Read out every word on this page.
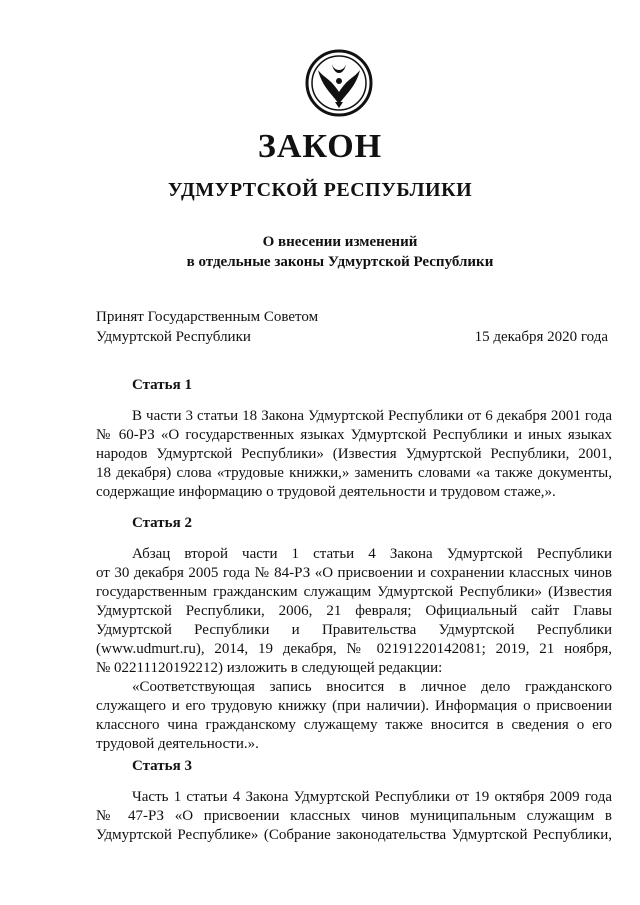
ЗАКОН
УДМУРТСКОЙ РЕСПУБЛИКИ
О внесении изменений
в отдельные законы Удмуртской Республики
Принят Государственным Советом
Удмуртской Республики	15 декабря 2020 года
Статья 1

В части 3 статьи 18 Закона Удмуртской Республики от 6 декабря 2001 года

№ 60-РЗ «О государственных языках Удмуртской Республики и иных языках

народов Удмуртской Республики» (Известия Удмуртской Республики, 2001,

18 декабря) слова «трудовые книжки,» заменить словами «а также документы,

содержащие информацию о трудовой деятельности и трудовом стаже,».

Статья 2

Абзац второй части 1 статьи 4 Закона Удмуртской Республики

от 30 декабря 2005 года № 84-РЗ «О присвоении и сохранении классных чинов

государственным гражданским служащим Удмуртской Республики» (Известия

Удмуртской Республики, 2006, 21 февраля; Официальный сайт Главы

Удмуртской Республики и Правительства Удмуртской Республики

(www.udmurt.ru), 2014, 19 декабря, № 02191220142081; 2019, 21 ноября,

№ 02211120192212) изложить в следующей редакции:

«Соответствующая запись вносится в личное дело гражданского

служащего и его трудовую книжку (при наличии). Информация о присвоении

классного чина гражданскому служащему также вносится в сведения о его

трудовой деятельности.».

Статья 3

Часть 1 статьи 4 Закона Удмуртской Республики от 19 октября 2009 года

№ 47-РЗ «О присвоении классных чинов муниципальным служащим в

Удмуртской Республике» (Собрание законодательства Удмуртской Республики,
